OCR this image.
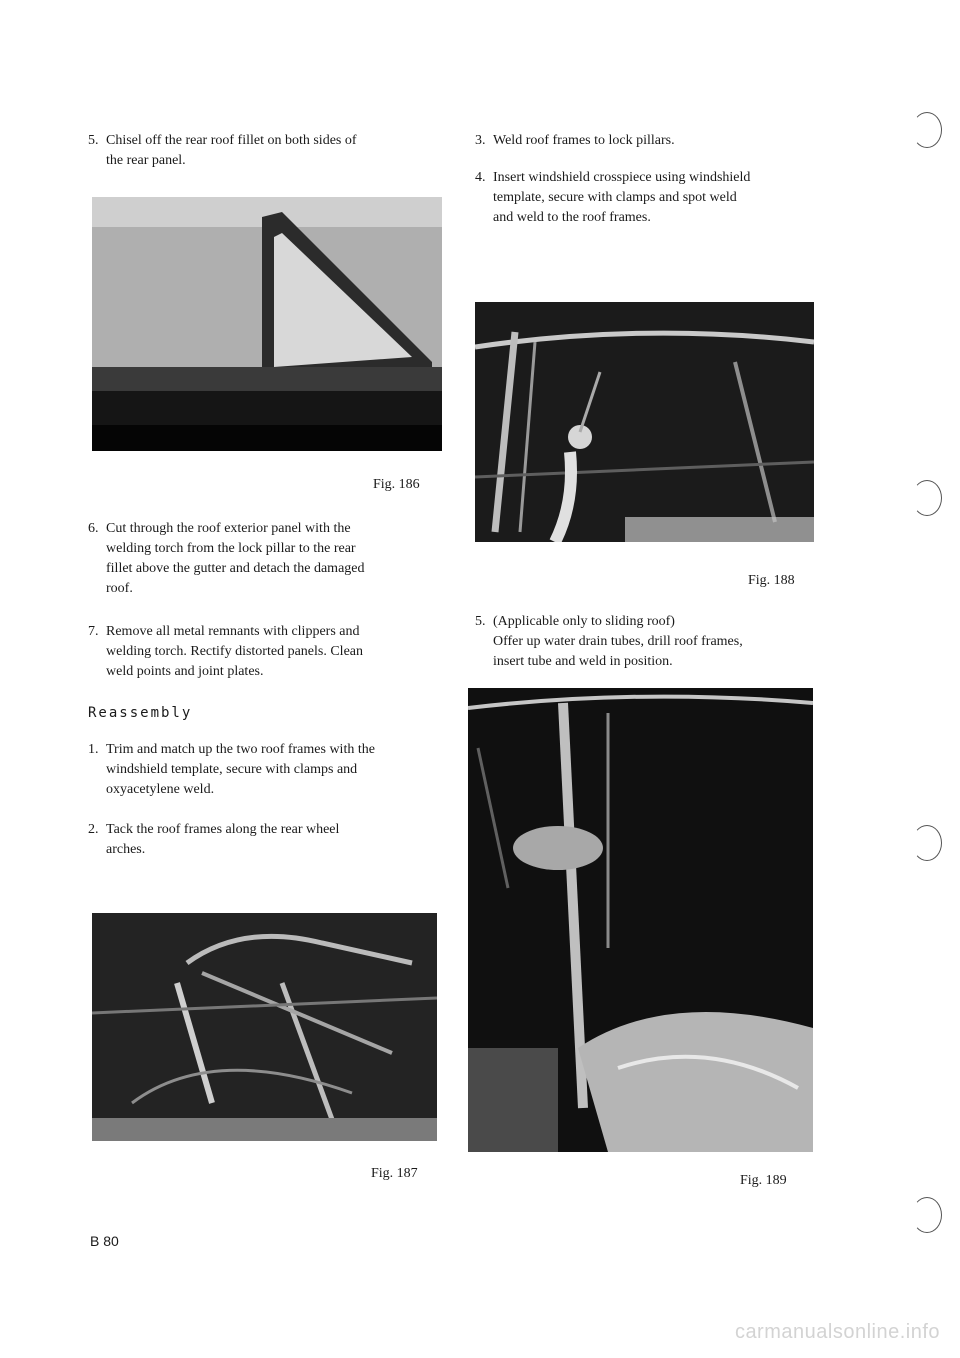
5. Chisel off the rear roof fillet on both sides of
the rear panel.
Fig. 186
6. Cut through the roof exterior panel with the
welding torch from the lock pillar to the rear
fillet above the gutter and detach the damaged
roof.
7. Remove all metal remnants with clippers and
welding torch. Rectify distorted panels. Clean
weld points and joint plates.
Reassembly
1. Trim and match up the two roof frames with the
windshield template, secure with clamps and
oxyacetylene weld.
2. Tack the roof frames along the rear wheel
arches.
Fig. 187
3. Weld roof frames to lock pillars.
4. Insert windshield crosspiece using windshield
template, secure with clamps and spot weld
and weld to the roof frames.
Fig. 188
5. (Applicable only to sliding roof)
Offer up water drain tubes, drill roof frames,
insert tube and weld in position.
Fig. 189
B 80
carmanualsonline.info
